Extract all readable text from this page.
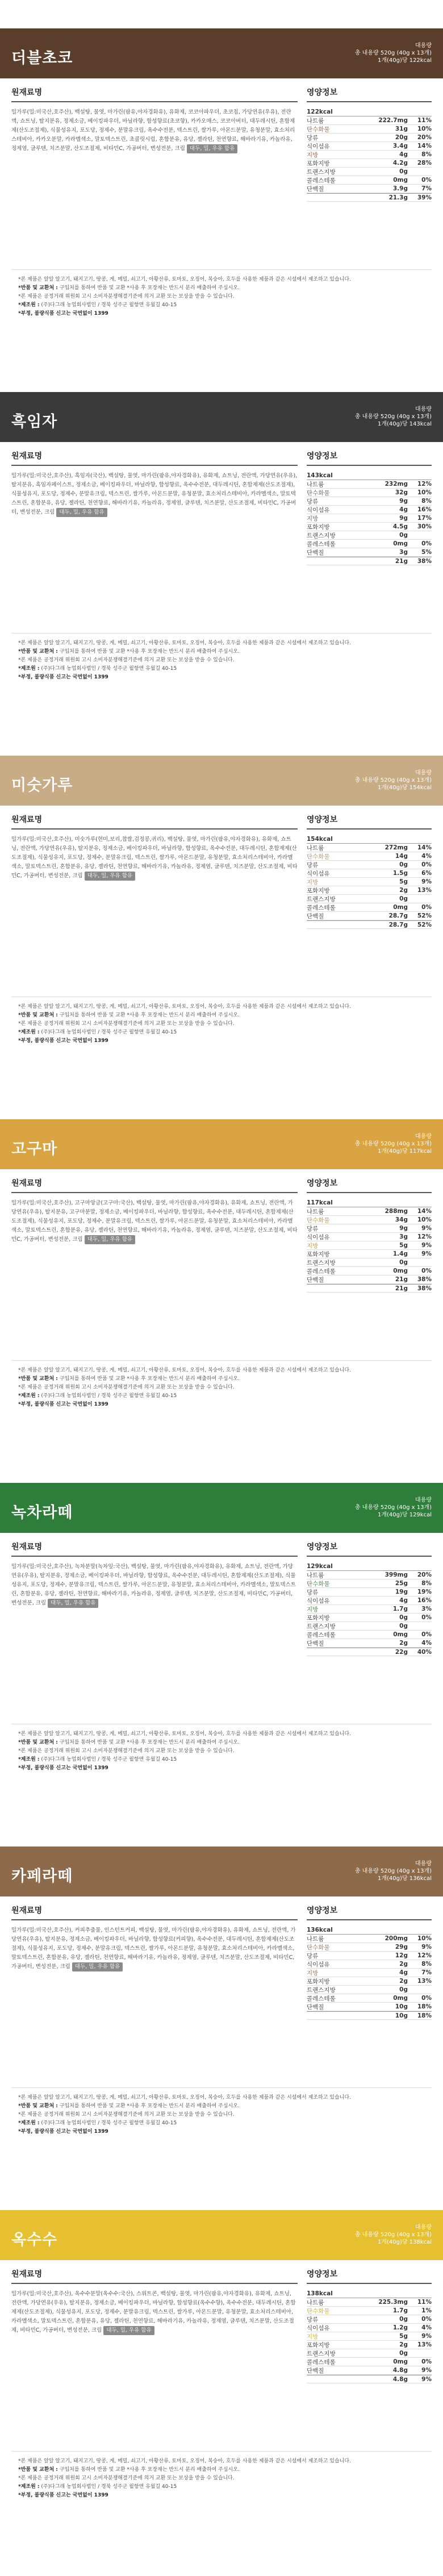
더블초코
대용량
총 내용량 520g (40g x 13개)
1개(40g)당 122kcal
원재료명
밀가루(밀:미국산,호주산), 백설탕, 물엿, 마가린(팜유,야자경화유), 유화제, 코코아파우더, 초코칩, 가당연유(우유), 전란액, 쇼트닝, 탈지분유, 정제소금, 베이킹파우더, 바닐라향, 합성향료(초코향), 카카오매스, 코코아버터, 대두레시틴, 혼합제제(산도조절제), 식물성유지, 포도당, 정제수, 분말유크림, 옥수수전분, 덱스트린, 쌀가루, 아몬드분말, 유청분말, 효소처리스테비아, 카카오분말, 카라멜색소, 말토덱스트린, 초콜릿시럽, 혼합분유, 유당, 젤라틴, 천연향료, 해바라기유, 카놀라유, 정제염, 글루텐, 치즈분말, 산도조절제, 비타민C, 가공버터, 변성전분, 크림 대두, 밀, 우유 함유
영양정보
122kcal
나트륨	222.7mg	11%
탄수화물	31g	10%
당류	20g	20%
식이섬유	3.4g	14%
지방	4g	8%
포화지방	4.2g	28%
트랜스지방	0g
콜레스테롤	0mg	0%
단백질	3.9g	7%
21.3g	39%
*본 제품은 알알 알고기, 돼지고기, 땅콩, 게, 메밀, 쇠고기, 아황산류, 토마토, 오징어, 복숭아, 호두를 사용한 제품과 같은 시설에서 제조하고 있습니다.
*반품 및 교환처 : 구입처를 통하여 반품 및 교환 *사용 후 포장재는 반드시 분리 배출하여 주십시오.
*본 제품은 공정거래 위원회 고시 소비자분쟁해결기준에 의거 교환 또는 보상을 받을 수 있습니다.
*제조원 : (주)다그래 농업회사법인 / 경북 성주군 월항면 유월길 40-15
*부정, 불량식품 신고는 국번없이 1399
흑임자
대용량
총 내용량 520g (40g x 13개)
1개(40g)당 143kcal
원재료명
밀가루(밀:미국산,호주산), 흑임자(국산), 백설탕, 물엿, 마가린(팜유,야자경화유), 유화제, 쇼트닝, 전란액, 가당연유(우유), 탈지분유, 흑임자페이스트, 정제소금, 베이킹파우더, 바닐라향, 합성향료, 옥수수전분, 대두레시틴, 혼합제제(산도조절제), 식물성유지, 포도당, 정제수, 분말유크림, 덱스트린, 쌀가루, 아몬드분말, 유청분말, 효소처리스테비아, 카라멜색소, 말토덱스트린, 혼합분유, 유당, 젤라틴, 천연향료, 해바라기유, 카놀라유, 정제염, 글루텐, 치즈분말, 산도조절제, 비타민C, 가공버터, 변성전분, 크림 대두, 밀, 우유 함유
영양정보
143kcal
나트륨	232mg	12%
탄수화물	32g	10%
당류	9g	8%
식이섬유	4g	16%
지방	9g	17%
포화지방	4.5g	30%
트랜스지방	0g
콜레스테롤	0mg	0%
단백질	3g	5%
21g	38%
*본 제품은 알알 알고기, 돼지고기, 땅콩, 게, 메밀, 쇠고기, 아황산류, 토마토, 오징어, 복숭아, 호두를 사용한 제품과 같은 시설에서 제조하고 있습니다.
*반품 및 교환처 : 구입처를 통하여 반품 및 교환 *사용 후 포장재는 반드시 분리 배출하여 주십시오.
*본 제품은 공정거래 위원회 고시 소비자분쟁해결기준에 의거 교환 또는 보상을 받을 수 있습니다.
*제조원 : (주)다그래 농업회사법인 / 경북 성주군 월항면 유월길 40-15
*부정, 불량식품 신고는 국번없이 1399
미숫가루
대용량
총 내용량 520g (40g x 13개)
1개(40g)당 154kcal
원재료명
밀가루(밀:미국산,호주산), 미숫가루(현미,보리,찹쌀,검정콩,귀리), 백설탕, 물엿, 마가린(팜유,야자경화유), 유화제, 쇼트닝, 전란액, 가당연유(우유), 탈지분유, 정제소금, 베이킹파우더, 바닐라향, 합성향료, 옥수수전분, 대두레시틴, 혼합제제(산도조절제), 식물성유지, 포도당, 정제수, 분말유크림, 덱스트린, 쌀가루, 아몬드분말, 유청분말, 효소처리스테비아, 카라멜색소, 말토덱스트린, 혼합분유, 유당, 젤라틴, 천연향료, 해바라기유, 카놀라유, 정제염, 글루텐, 치즈분말, 산도조절제, 비타민C, 가공버터, 변성전분, 크림 대두, 밀, 우유 함유
영양정보
154kcal
나트륨	272mg	14%
탄수화물	14g	4%
당류	0g	0%
식이섬유	1.5g	6%
지방	5g	9%
포화지방	2g	13%
트랜스지방	0g
콜레스테롤	0mg	0%
단백질	28.7g	52%
28.7g	52%
*본 제품은 알알 알고기, 돼지고기, 땅콩, 게, 메밀, 쇠고기, 아황산류, 토마토, 오징어, 복숭아, 호두를 사용한 제품과 같은 시설에서 제조하고 있습니다.
*반품 및 교환처 : 구입처를 통하여 반품 및 교환 *사용 후 포장재는 반드시 분리 배출하여 주십시오.
*본 제품은 공정거래 위원회 고시 소비자분쟁해결기준에 의거 교환 또는 보상을 받을 수 있습니다.
*제조원 : (주)다그래 농업회사법인 / 경북 성주군 월항면 유월길 40-15
*부정, 불량식품 신고는 국번없이 1399
고구마
대용량
총 내용량 520g (40g x 13개)
1개(40g)당 117kcal
원재료명
밀가루(밀:미국산,호주산), 고구마앙금(고구마:국산), 백설탕, 물엿, 마가린(팜유,야자경화유), 유화제, 쇼트닝, 전란액, 가당연유(우유), 탈지분유, 고구마분말, 정제소금, 베이킹파우더, 바닐라향, 합성향료, 옥수수전분, 대두레시틴, 혼합제제(산도조절제), 식물성유지, 포도당, 정제수, 분말유크림, 덱스트린, 쌀가루, 아몬드분말, 유청분말, 효소처리스테비아, 카라멜색소, 말토덱스트린, 혼합분유, 유당, 젤라틴, 천연향료, 해바라기유, 카놀라유, 정제염, 글루텐, 치즈분말, 산도조절제, 비타민C, 가공버터, 변성전분, 크림 대두, 밀, 우유 함유
영양정보
117kcal
나트륨	288mg	14%
탄수화물	34g	10%
당류	9g	9%
식이섬유	3g	12%
지방	5g	9%
포화지방	1.4g	9%
트랜스지방	0g
콜레스테롤	0mg	0%
단백질	21g	38%
21g	38%
*본 제품은 알알 알고기, 돼지고기, 땅콩, 게, 메밀, 쇠고기, 아황산류, 토마토, 오징어, 복숭아, 호두를 사용한 제품과 같은 시설에서 제조하고 있습니다.
*반품 및 교환처 : 구입처를 통하여 반품 및 교환 *사용 후 포장재는 반드시 분리 배출하여 주십시오.
*본 제품은 공정거래 위원회 고시 소비자분쟁해결기준에 의거 교환 또는 보상을 받을 수 있습니다.
*제조원 : (주)다그래 농업회사법인 / 경북 성주군 월항면 유월길 40-15
*부정, 불량식품 신고는 국번없이 1399
녹차라떼
대용량
총 내용량 520g (40g x 13개)
1개(40g)당 129kcal
원재료명
밀가루(밀:미국산,호주산), 녹차분말(녹차잎:국산), 백설탕, 물엿, 마가린(팜유,야자경화유), 유화제, 쇼트닝, 전란액, 가당연유(우유), 탈지분유, 정제소금, 베이킹파우더, 바닐라향, 합성향료, 옥수수전분, 대두레시틴, 혼합제제(산도조절제), 식물성유지, 포도당, 정제수, 분말유크림, 덱스트린, 쌀가루, 아몬드분말, 유청분말, 효소처리스테비아, 카라멜색소, 말토덱스트린, 혼합분유, 유당, 젤라틴, 천연향료, 해바라기유, 카놀라유, 정제염, 글루텐, 치즈분말, 산도조절제, 비타민C, 가공버터, 변성전분, 크림 대두, 밀, 우유 함유
영양정보
129kcal
나트륨	399mg	20%
탄수화물	25g	8%
당류	19g	19%
식이섬유	4g	16%
지방	1.7g	3%
포화지방	0g	0%
트랜스지방	0g
콜레스테롤	0mg	0%
단백질	2g	4%
22g	40%
*본 제품은 알알 알고기, 돼지고기, 땅콩, 게, 메밀, 쇠고기, 아황산류, 토마토, 오징어, 복숭아, 호두를 사용한 제품과 같은 시설에서 제조하고 있습니다.
*반품 및 교환처 : 구입처를 통하여 반품 및 교환 *사용 후 포장재는 반드시 분리 배출하여 주십시오.
*본 제품은 공정거래 위원회 고시 소비자분쟁해결기준에 의거 교환 또는 보상을 받을 수 있습니다.
*제조원 : (주)다그래 농업회사법인 / 경북 성주군 월항면 유월길 40-15
*부정, 불량식품 신고는 국번없이 1399
카페라떼
대용량
총 내용량 520g (40g x 13개)
1개(40g)당 136kcal
원재료명
밀가루(밀:미국산,호주산), 커피추출물, 인스턴트커피, 백설탕, 물엿, 마가린(팜유,야자경화유), 유화제, 쇼트닝, 전란액, 가당연유(우유), 탈지분유, 정제소금, 베이킹파우더, 바닐라향, 합성향료(커피향), 옥수수전분, 대두레시틴, 혼합제제(산도조절제), 식물성유지, 포도당, 정제수, 분말유크림, 덱스트린, 쌀가루, 아몬드분말, 유청분말, 효소처리스테비아, 카라멜색소, 말토덱스트린, 혼합분유, 유당, 젤라틴, 천연향료, 해바라기유, 카놀라유, 정제염, 글루텐, 치즈분말, 산도조절제, 비타민C, 가공버터, 변성전분, 크림 대두, 밀, 우유 함유
영양정보
136kcal
나트륨	200mg	10%
탄수화물	29g	9%
당류	12g	12%
식이섬유	2g	8%
지방	4g	7%
포화지방	2g	13%
트랜스지방	0g
콜레스테롤	0mg	0%
단백질	10g	18%
10g	18%
*본 제품은 알알 알고기, 돼지고기, 땅콩, 게, 메밀, 쇠고기, 아황산류, 토마토, 오징어, 복숭아, 호두를 사용한 제품과 같은 시설에서 제조하고 있습니다.
*반품 및 교환처 : 구입처를 통하여 반품 및 교환 *사용 후 포장재는 반드시 분리 배출하여 주십시오.
*본 제품은 공정거래 위원회 고시 소비자분쟁해결기준에 의거 교환 또는 보상을 받을 수 있습니다.
*제조원 : (주)다그래 농업회사법인 / 경북 성주군 월항면 유월길 40-15
*부정, 불량식품 신고는 국번없이 1399
옥수수
대용량
총 내용량 520g (40g x 13개)
1개(40g)당 138kcal
원재료명
밀가루(밀:미국산,호주산), 옥수수분말(옥수수:국산), 스위트콘, 백설탕, 물엿, 마가린(팜유,야자경화유), 유화제, 쇼트닝, 전란액, 가당연유(우유), 탈지분유, 정제소금, 베이킹파우더, 바닐라향, 합성향료(옥수수향), 옥수수전분, 대두레시틴, 혼합제제(산도조절제), 식물성유지, 포도당, 정제수, 분말유크림, 덱스트린, 쌀가루, 아몬드분말, 유청분말, 효소처리스테비아, 카라멜색소, 말토덱스트린, 혼합분유, 유당, 젤라틴, 천연향료, 해바라기유, 카놀라유, 정제염, 글루텐, 치즈분말, 산도조절제, 비타민C, 가공버터, 변성전분, 크림 대두, 밀, 우유 함유
영양정보
138kcal
나트륨	225.3mg	11%
탄수화물	1.7g	1%
당류	0g	0%
식이섬유	1.2g	4%
지방	5g	9%
포화지방	2g	13%
트랜스지방	0g
콜레스테롤	0mg	0%
단백질	4.8g	9%
4.8g	9%
*본 제품은 알알 알고기, 돼지고기, 땅콩, 게, 메밀, 쇠고기, 아황산류, 토마토, 오징어, 복숭아, 호두를 사용한 제품과 같은 시설에서 제조하고 있습니다.
*반품 및 교환처 : 구입처를 통하여 반품 및 교환 *사용 후 포장재는 반드시 분리 배출하여 주십시오.
*본 제품은 공정거래 위원회 고시 소비자분쟁해결기준에 의거 교환 또는 보상을 받을 수 있습니다.
*제조원 : (주)다그래 농업회사법인 / 경북 성주군 월항면 유월길 40-15
*부정, 불량식품 신고는 국번없이 1399
